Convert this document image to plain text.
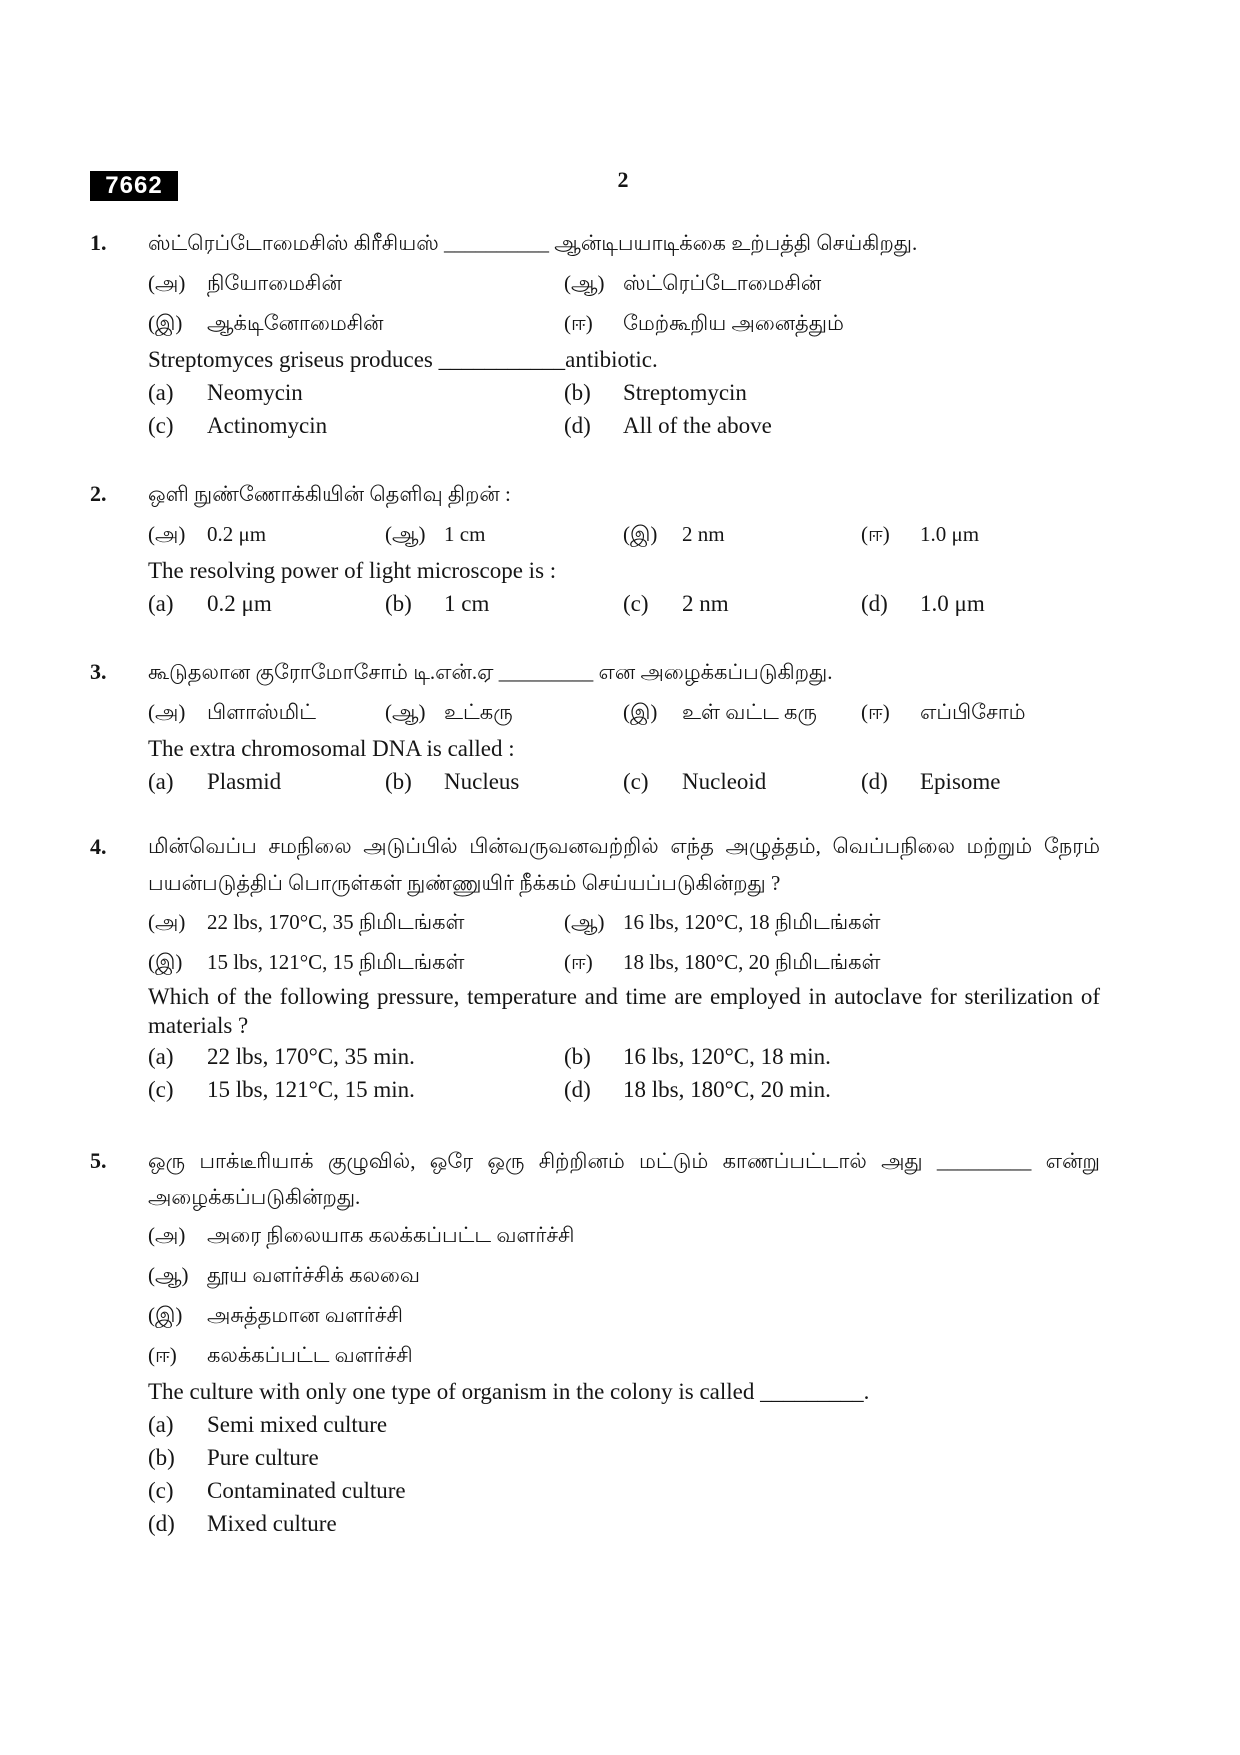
7662	2
1. ஸ்ட்ரெப்டோமைசிஸ் கிரீசியஸ் __________ ஆன்டிபயாடிக்கை உற்பத்தி செய்கிறது.
(அ) நியோமைசின்	(ஆ) ஸ்ட்ரெப்டோமைசின்
(இ) ஆக்டினோமைசின்	(ஈ) மேற்கூறிய அனைத்தும்
Streptomyces griseus produces ___________antibiotic.
(a) Neomycin	(b) Streptomycin
(c) Actinomycin	(d) All of the above
2. ஒளி நுண்ணோக்கியின் தெளிவு திறன் :
(அ) 0.2 μm	(ஆ) 1 cm	(இ) 2 nm	(ஈ) 1.0 μm
The resolving power of light microscope is :
(a) 0.2 μm	(b) 1 cm	(c) 2 nm	(d) 1.0 μm
3. கூடுதலான குரோமோசோம் டி.என்.ஏ _________ என அழைக்கப்படுகிறது.
(அ) பிளாஸ்மிட்	(ஆ) உட்கரு	(இ) உள் வட்ட கரு (ஈ) எப்பிசோம்
The extra chromosomal DNA is called :
(a) Plasmid	(b) Nucleus	(c) Nucleoid	(d) Episome
4. மின்வெப்ப சமநிலை அடுப்பில் பின்வருவனவற்றில் எந்த அழுத்தம், வெப்பநிலை மற்றும் நேரம் பயன்படுத்திப் பொருள்கள் நுண்ணுயிர் நீக்கம் செய்யப்படுகின்றது ?
(அ) 22 lbs, 170°C, 35 நிமிடங்கள்	(ஆ) 16 lbs, 120°C, 18 நிமிடங்கள்
(இ) 15 lbs, 121°C, 15 நிமிடங்கள்	(ஈ) 18 lbs, 180°C, 20 நிமிடங்கள்
Which of the following pressure, temperature and time are employed in autoclave for sterilization of materials ?
(a) 22 lbs, 170°C, 35 min.	(b) 16 lbs, 120°C, 18 min.
(c) 15 lbs, 121°C, 15 min.	(d) 18 lbs, 180°C, 20 min.
5. ஒரு பாக்டீரியாக் குழுவில், ஒரே ஒரு சிற்றினம் மட்டும் காணப்பட்டால் அது _________ என்று அழைக்கப்படுகின்றது.
(அ) அரை நிலையாக கலக்கப்பட்ட வளர்ச்சி
(ஆ) தூய வளர்ச்சிக் கலவை
(இ) அசுத்தமான வளர்ச்சி
(ஈ) கலக்கப்பட்ட வளர்ச்சி
The culture with only one type of organism in the colony is called _________.
(a) Semi mixed culture
(b) Pure culture
(c) Contaminated culture
(d) Mixed culture
